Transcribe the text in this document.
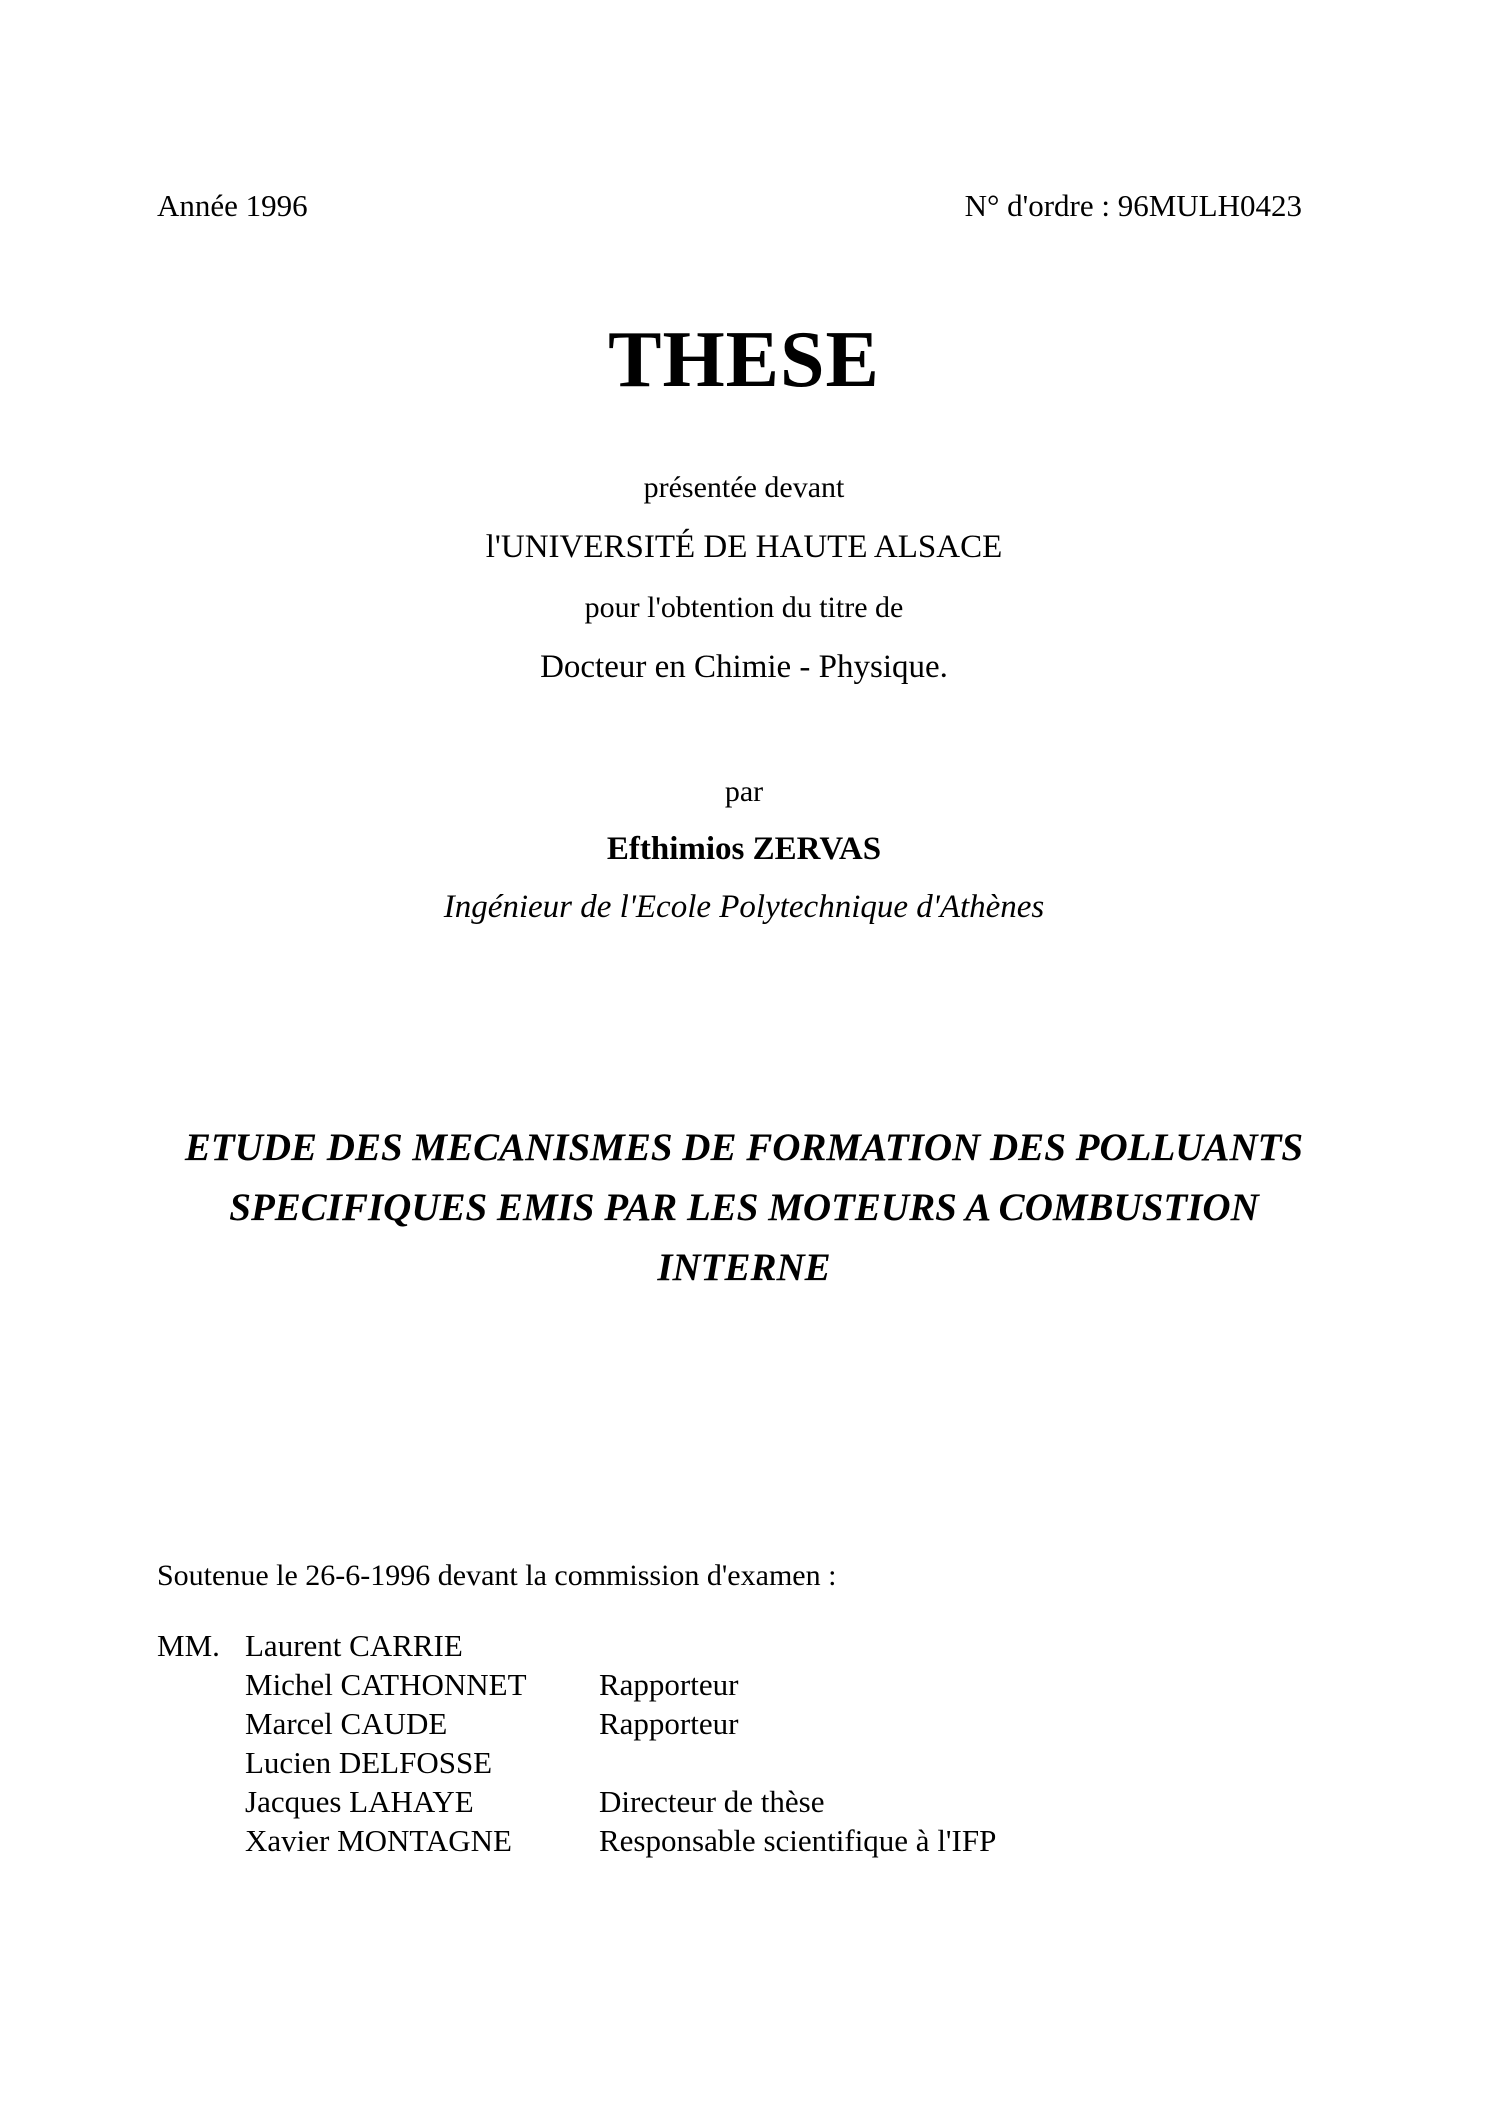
Année 1996	N° d'ordre : 96MULH0423
THESE
présentée devant
l'UNIVERSITÉ DE HAUTE ALSACE
pour l'obtention du titre de
Docteur en Chimie - Physique.
par
Efthimios ZERVAS
Ingénieur de l'Ecole Polytechnique d'Athènes
ETUDE DES MECANISMES DE FORMATION DES POLLUANTS
SPECIFIQUES EMIS PAR LES MOTEURS A COMBUSTION
INTERNE
Soutenue le 26-6-1996 devant la commission d'examen :
MM. Laurent CARRIE
Michel CATHONNET Rapporteur
Marcel CAUDE	Rapporteur
Lucien DELFOSSE
Jacques LAHAYE	Directeur de thèse
Xavier MONTAGNE	Responsable scientifique à l'IFP
